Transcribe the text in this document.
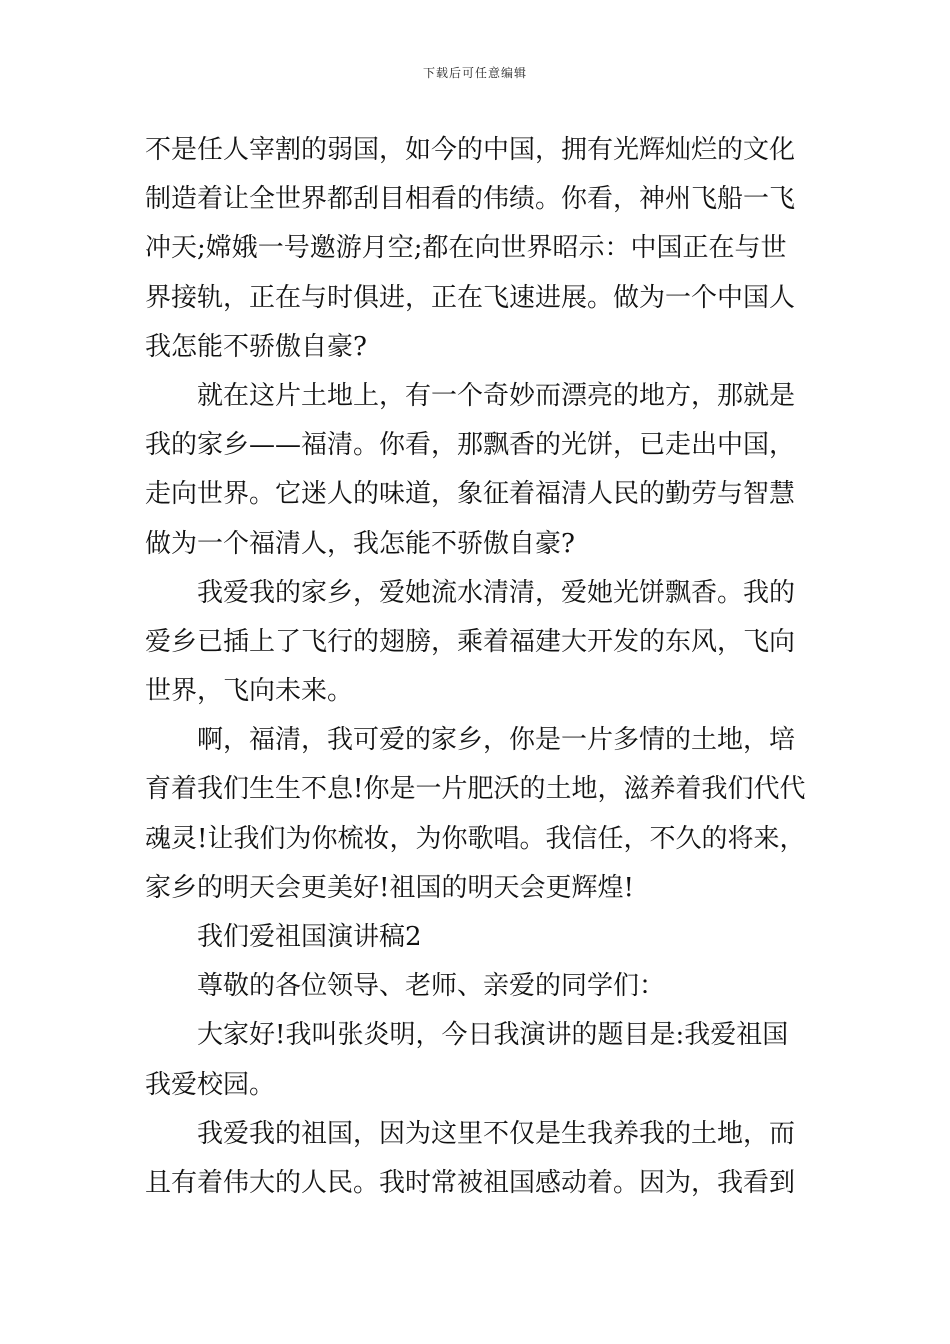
下载后可任意编辑
不是任人宰割的弱国，如今的中国，拥有光辉灿烂的文化
制造着让全世界都刮目相看的伟绩。你看，神州飞船一飞
冲天;嫦娥一号邀游月空;都在向世界昭示：中国正在与世
界接轨，正在与时俱进，正在飞速进展。做为一个中国人
我怎能不骄傲自豪?
就在这片土地上，有一个奇妙而漂亮的地方，那就是
我的家乡——福清。你看，那飘香的光饼，已走出中国，
走向世界。它迷人的味道，象征着福清人民的勤劳与智慧
做为一个福清人，我怎能不骄傲自豪?
我爱我的家乡，爱她流水清清，爱她光饼飘香。我的
爱乡已插上了飞行的翅膀，乘着福建大开发的东风，飞向
世界，飞向未来。
啊，福清，我可爱的家乡，你是一片多情的土地，培
育着我们生生不息!你是一片肥沃的土地，滋养着我们代代
魂灵!让我们为你梳妆，为你歌唱。我信任，不久的将来，
家乡的明天会更美好!祖国的明天会更辉煌!
我们爱祖国演讲稿2
尊敬的各位领导、老师、亲爱的同学们：
大家好!我叫张炎明，今日我演讲的题目是:我爱祖国
我爱校园。
我爱我的祖国，因为这里不仅是生我养我的土地，而
且有着伟大的人民。我时常被祖国感动着。因为，我看到
